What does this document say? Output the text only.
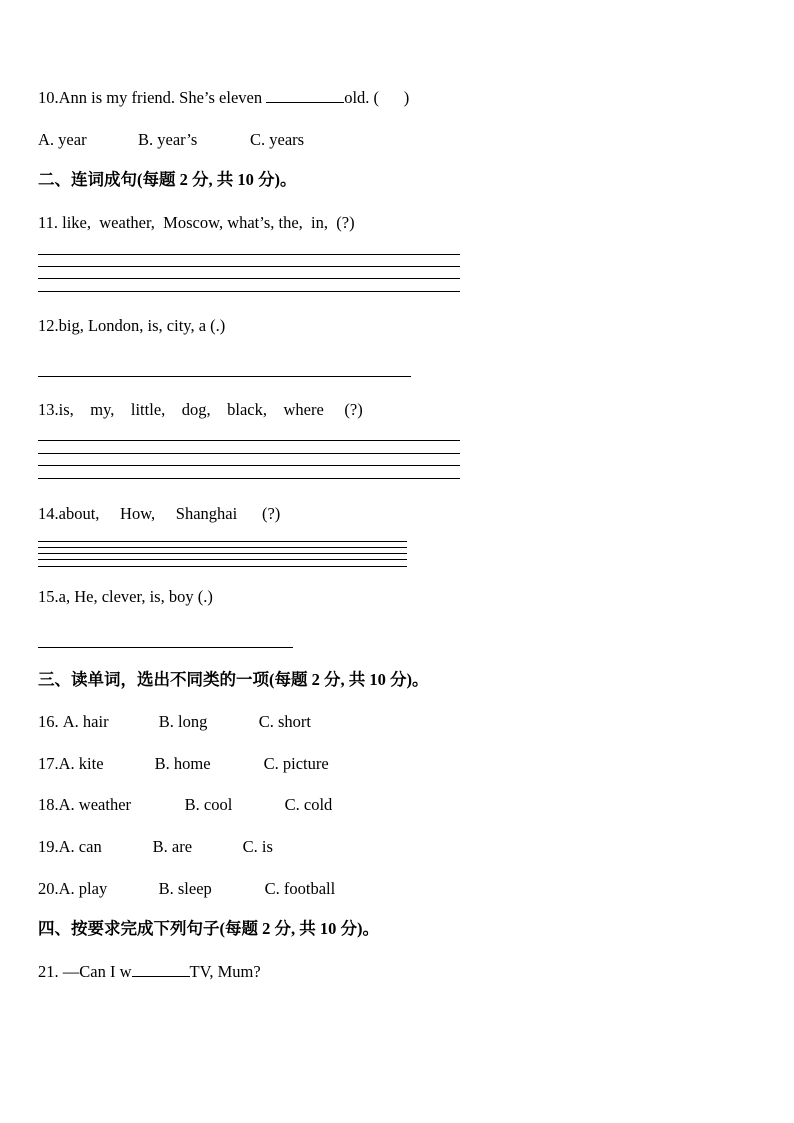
10.Ann is my friend. She’s eleven	old. (      )
A. year	B. year’s	C. years
二、连词成句(每题 2 分, 共 10 分)。
11. like,  weather,  Moscow, what’s, the,  in,  (?)
12.big, London, is, city, a (.)
13.is,    my,    little,    dog,    black,    where     (?)
14.about,     How,     Shanghai      (?)
15.a, He, clever, is, boy (.)
三、读单词，选出不同类的一项(每题 2 分, 共 10 分)。
16. A. hair	B. long	C. short
17.A. kite	B. home	C. picture
18.A. weather	B. cool	C. cold
19.A. can	B. are	C. is
20.A. play	B. sleep	C. football
四、按要求完成下列句子(每题 2 分, 共 10 分)。
21. —Can I w	TV, Mum?
